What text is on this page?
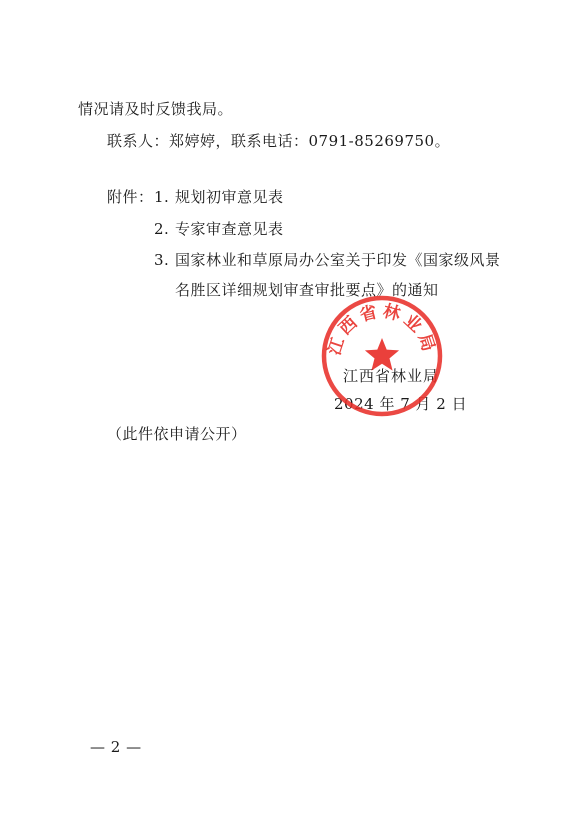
情况请及时反馈我局。
联系人：郑婷婷，联系电话：0791-85269750。
附件： 1. 规划初审意见表
2. 专家审查意见表
3. 国家林业和草原局办公室关于印发《国家级风景
名胜区详细规划审查审批要点》的通知
江西省林业局
2024 年 7 月 2 日
江西省林业局
（此件依申请公开）
— 2 —
